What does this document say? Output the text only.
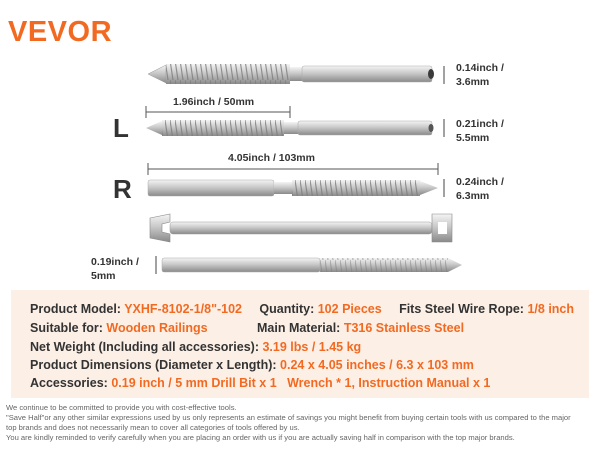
VEVOR
0.14inch /
3.6mm
1.96inch / 50mm
L	0.21inch /
5.5mm
4.05inch / 103mm
R	0.24inch /
6.3mm
0.19inch /
5mm
Product Model: YXHF-8102-1/8"-102 Quantity: 102 Pieces Fits Steel Wire Rope: 1/8 inch
Suitable for: Wooden Railings	Main Material: T316 Stainless Steel
Net Weight (Including all accessories): 3.19 lbs / 1.45 kg
Product Dimensions (Diameter x Length): 0.24 x 4.05 inches / 6.3 x 103 mm
Accessories: 0.19 inch / 5 mm Drill Bit x 1   Wrench * 1, Instruction Manual x 1
We continue to be committed to provide you with cost-effective tools.
"Save Half"or any other similar expressions used by us only represents an estimate of savings you might benefit from buying certain tools with us compared to the major
top brands and does not necessarily mean to cover all categories of tools offered by us.
You are kindly reminded to verify carefully when you are placing an order with us if you are actually saving half in comparison with the top major brands.
